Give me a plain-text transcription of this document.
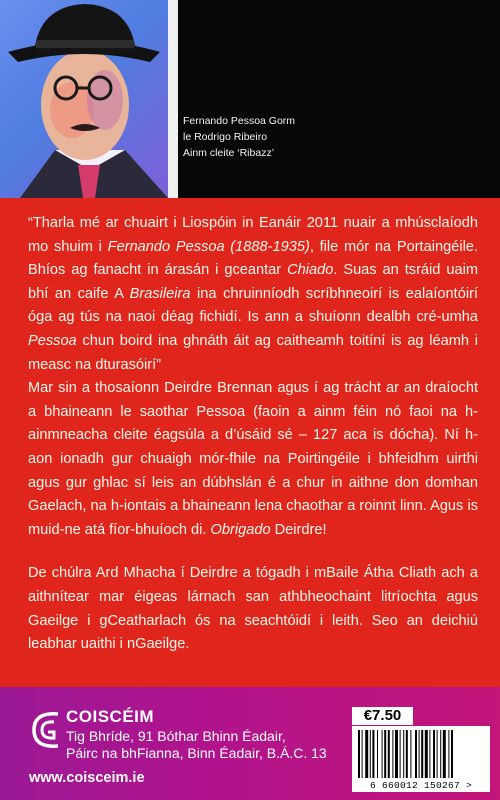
Fernando Pessoa Gorm
le Rodrigo Ribeiro
Ainm cleite ‘Ribazz’

“Tharla mé ar chuairt i Liospóin in Eanáir 2011 nuair a mhúsclaíodh mo shuim i Fernando Pessoa (1888-1935), file mór na Portaingéile. Bhíos ag fanacht in árasán i gceantar Chiado. Suas an tsráid uaim bhí an caife A Brasileira ina chruinníodh scríbhneoirí is ealaíontóirí óga ag tús na naoi déag fichidí. Is ann a shuíonn dealbh cré-umha Pessoa chun boird ina ghnáth áit ag caitheamh toitíní is ag léamh i measc na dturasóirí”

Mar sin a thosaíonn Deirdre Brennan agus í ag trácht ar an draíocht a bhaineann le saothar Pessoa (faoin a ainm féin nó faoi na h-ainmneacha cleite éagsúla a d’úsáid sé – 127 aca is dócha). Ní h-aon ionadh gur chuaigh mór-fhile na Poirtingéile i bhfeidhm uirthi agus gur ghlac sí leis an dúbhslán é a chur in aithne don domhan Gaelach, na h-iontais a bhaineann lena chaothar a roinnt linn. Agus is muid-ne atá fíor-bhuíoch di. Obrigado Deirdre!

De chúlra Ard Mhacha í Deirdre a tógadh i mBaile Átha Cliath ach a aithnítear mar éigeas lárnach san athbheochaint litríochta agus Gaeilge i gCeatharlach ós na seachtóidí i leith. Seo an deichiú leabhar uaithi i nGaeilge.

COISCÉIM
Tig Bhríde, 91 Bóthar Bhinn Éadair,
Páirc na bhFianna, Binn Éadair, B.Á.C. 13
www.coisceim.ie
€7.50
6 660012 150267 >
